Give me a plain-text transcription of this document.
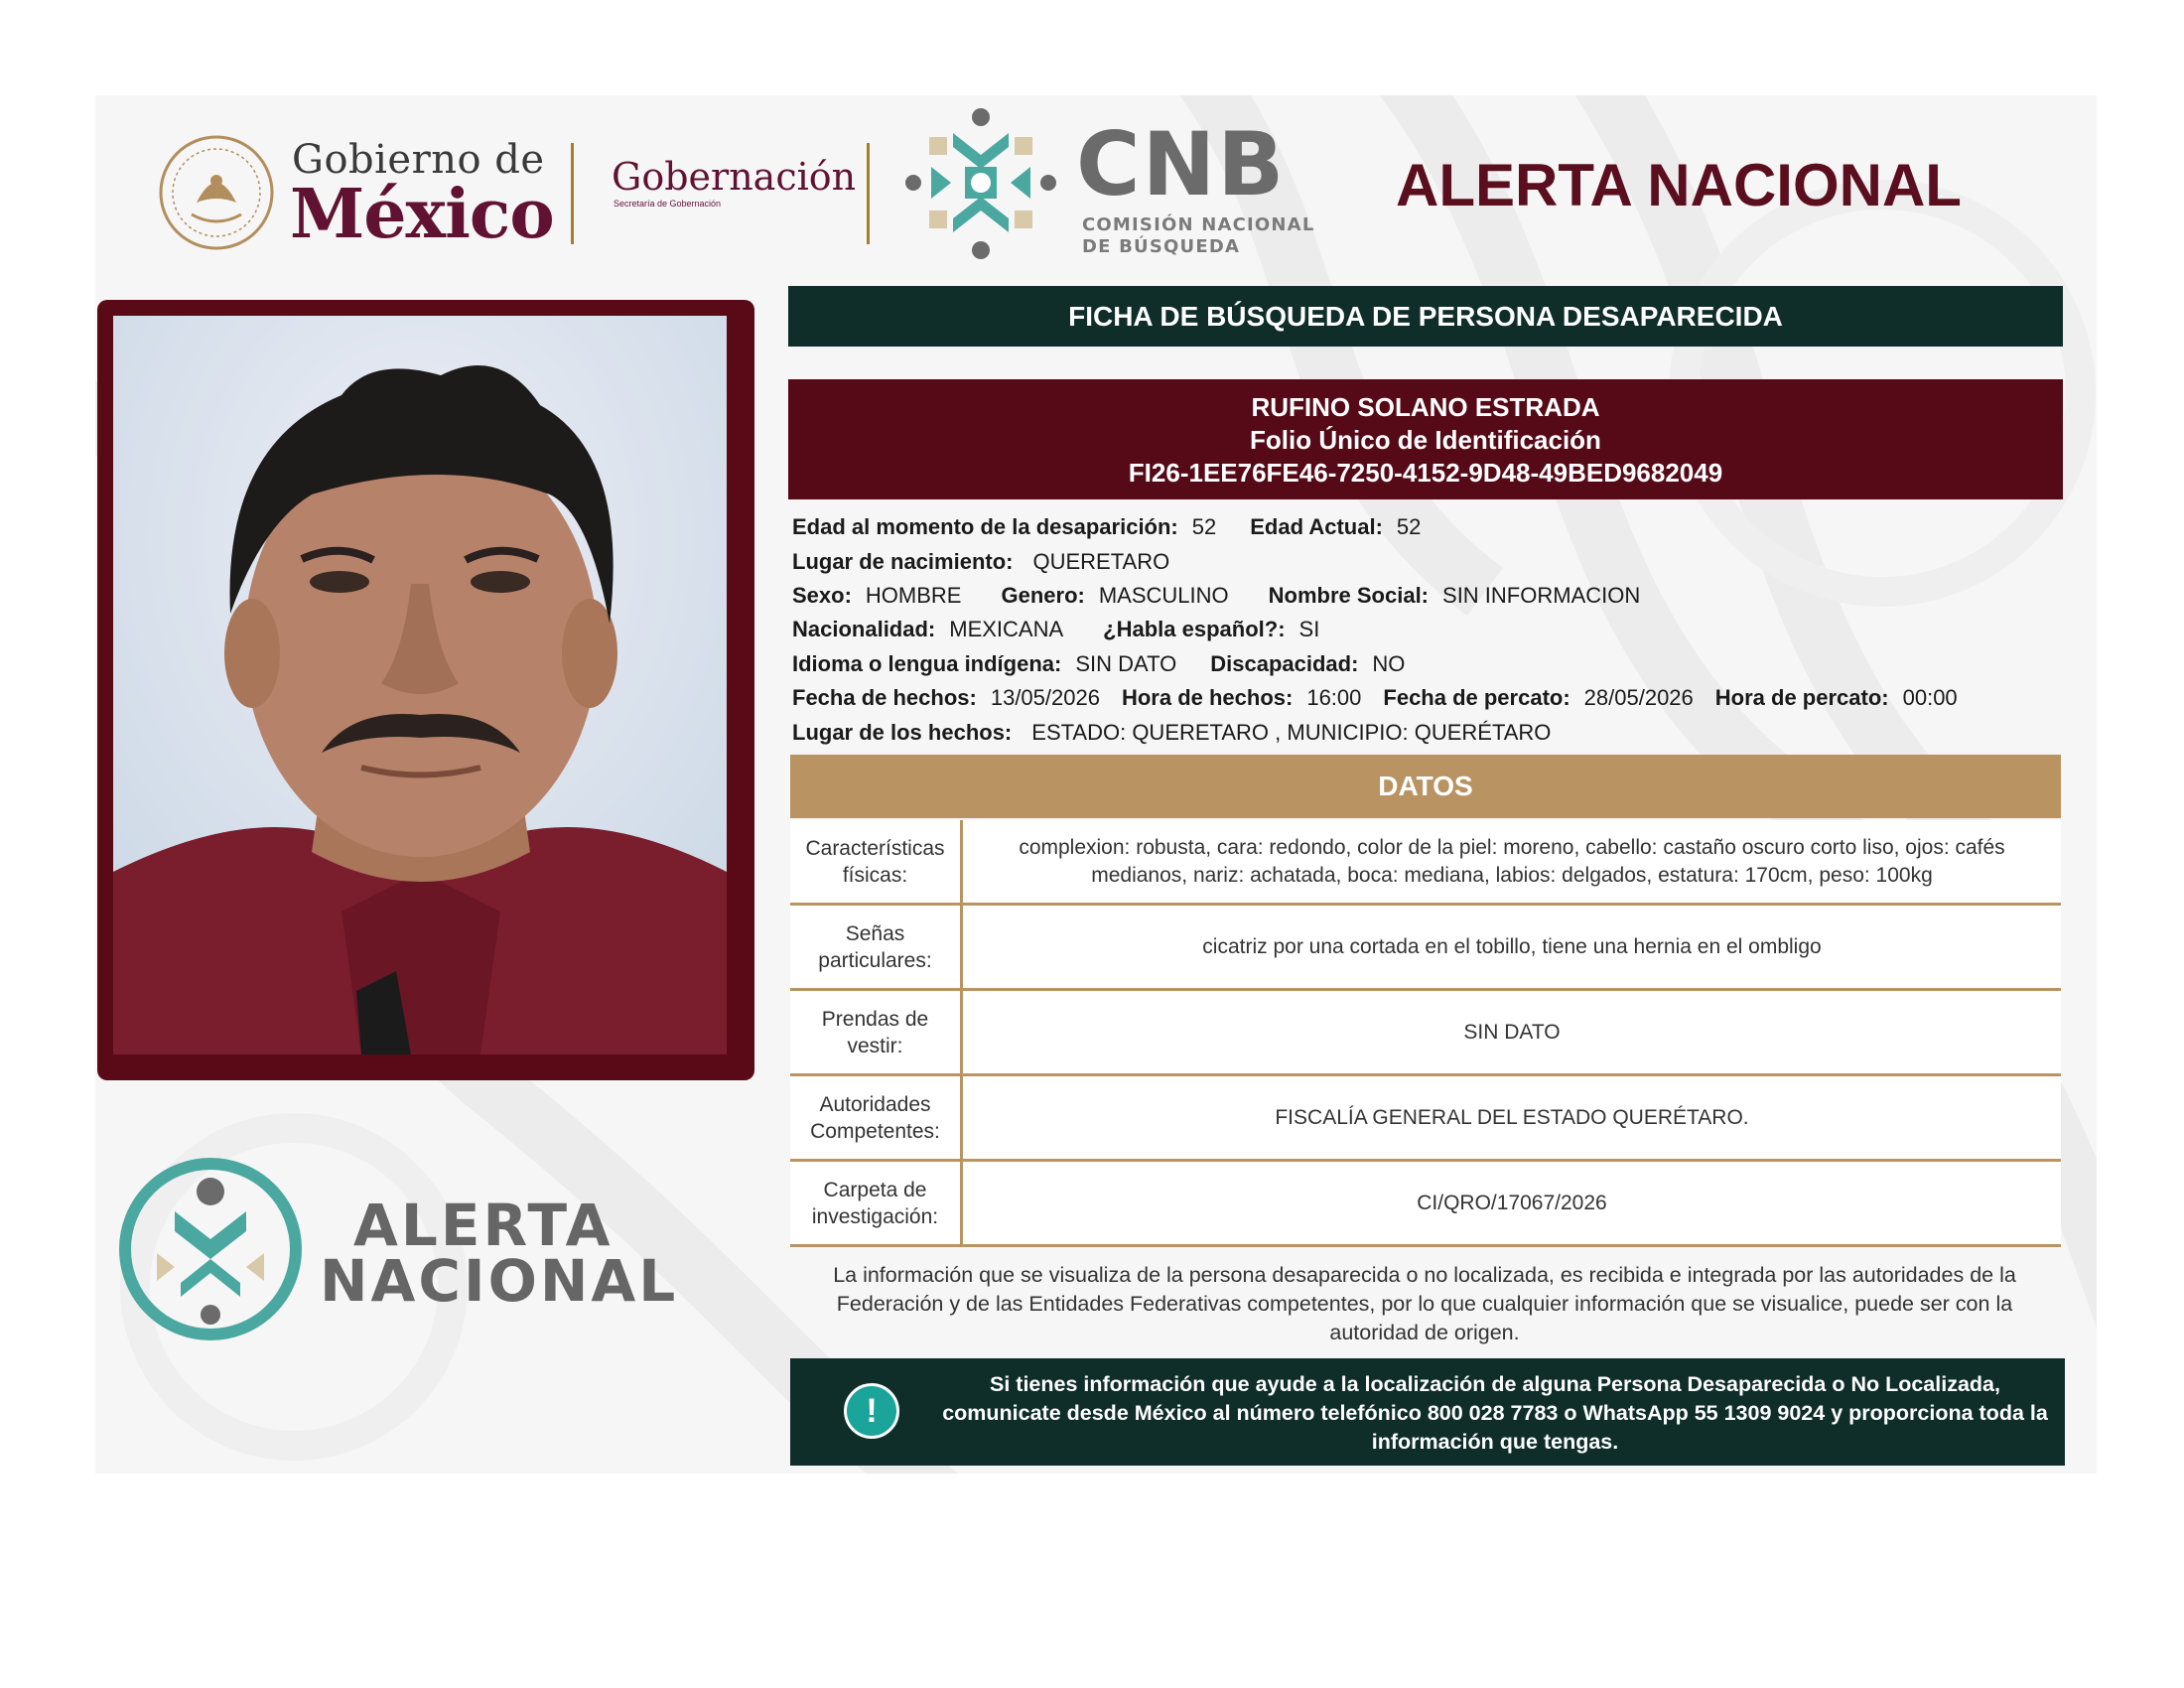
Gobierno de
México Gobernación
Secretaría de Gobernación	CNB
COMISIÓN NACIONAL
DE BÚSQUEDA
ALERTA NACIONAL
FICHA DE BÚSQUEDA DE PERSONA DESAPARECIDA
RUFINO SOLANO ESTRADA
Folio Único de Identificación
FI26-1EE76FE46-7250-4152-9D48-49BED9682049
Edad al momento de la desaparición: 52 Edad Actual: 52
Lugar de nacimiento: QUERETARO
Sexo: HOMBRE Genero: MASCULINO Nombre Social: SIN INFORMACION
Nacionalidad: MEXICANA ¿Habla español?: SI
Idioma o lengua indígena: SIN DATO Discapacidad: NO
Fecha de hechos: 13/05/2026 Hora de hechos: 16:00 Fecha de percato: 28/05/2026 Hora de percato: 00:00
Lugar de los hechos: ESTADO: QUERETARO , MUNICIPIO: QUERÉTARO
DATOS
Características físicas:
complexion: robusta, cara: redondo, color de la piel: moreno, cabello: castaño oscuro corto liso, ojos: cafés medianos, nariz: achatada, boca: mediana, labios: delgados, estatura: 170cm, peso: 100kg
Señas particulares:
cicatriz por una cortada en el tobillo, tiene una hernia en el ombligo
Prendas de vestir:
SIN DATO
Autoridades Competentes:
FISCALÍA GENERAL DEL ESTADO QUERÉTARO.
Carpeta de investigación:
CI/QRO/17067/2026
La información que se visualiza de la persona desaparecida o no localizada, es recibida e integrada por las autoridades de la Federación y de las Entidades Federativas competentes, por lo que cualquier información que se visualice, puede ser con la autoridad de origen.
!
Si tienes información que ayude a la localización de alguna Persona Desaparecida o No Localizada, comunicate desde México al número telefónico 800 028 7783 o WhatsApp 55 1309 9024 y proporciona toda la información que tengas.
ALERTA
NACIONAL
